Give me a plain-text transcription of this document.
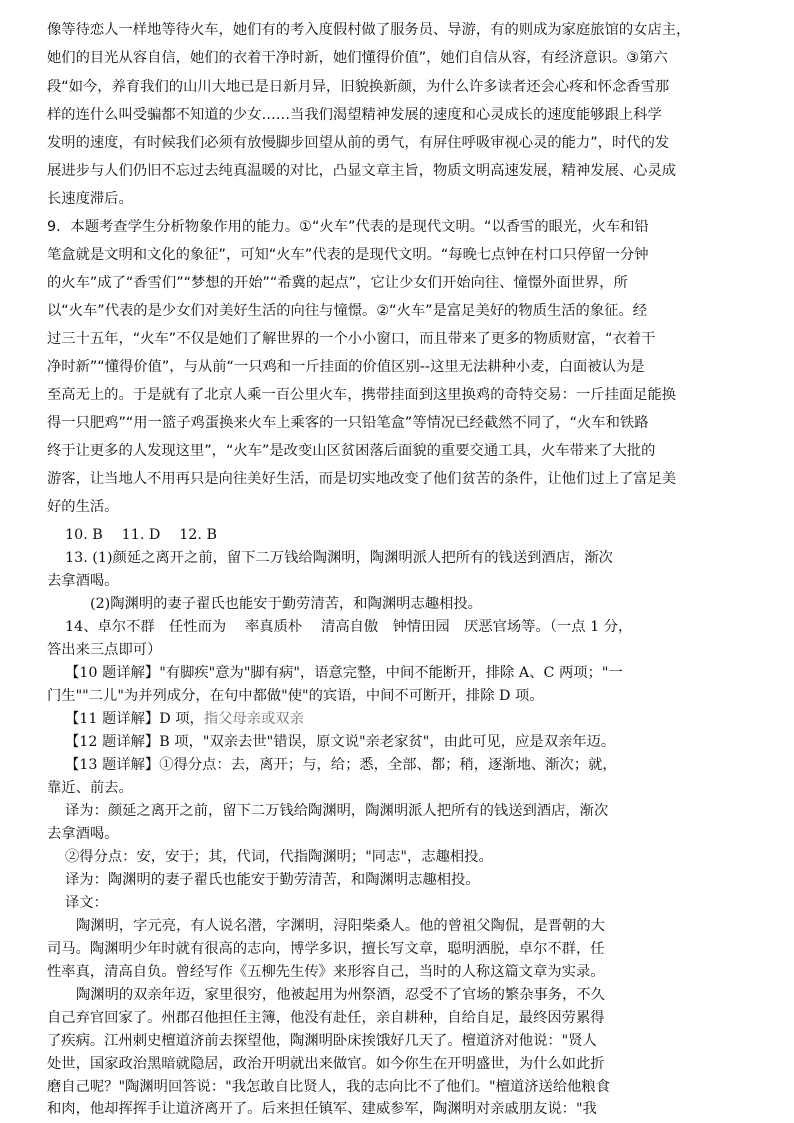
像等待恋人一样地等待火车，她们有的考入度假村做了服务员、导游，有的则成为家庭旅馆的女店主，

她们的目光从容自信，她们的衣着干净时新，她们懂得价值”，她们自信从容，有经济意识。③第六

段“如今，养育我们的山川大地已是日新月异，旧貌换新颜，为什么许多读者还会心疼和怀念香雪那

样的连什么叫受骗都不知道的少女……当我们渴望精神发展的速度和心灵成长的速度能够跟上科学

发明的速度，有时候我们必须有放慢脚步回望从前的勇气，有屏住呼吸审视心灵的能力”，时代的发

展进步与人们仍旧不忘过去纯真温暖的对比，凸显文章主旨，物质文明高速发展，精神发展、心灵成

长速度滞后。

9．本题考查学生分析物象作用的能力。①“火车”代表的是现代文明。“以香雪的眼光，火车和铅

笔盒就是文明和文化的象征”，可知“火车”代表的是现代文明。“每晚七点钟在村口只停留一分钟

的火车”成了“香雪们”“梦想的开始”“希冀的起点”，它让少女们开始向往、憧憬外面世界，所

以“火车”代表的是少女们对美好生活的向往与憧憬。②“火车”是富足美好的物质生活的象征。经

过三十五年，“火车”不仅是她们了解世界的一个小小窗口，而且带来了更多的物质财富，“衣着干

净时新”“懂得价值”，与从前“一只鸡和一斤挂面的价值区别--这里无法耕种小麦，白面被认为是

至高无上的。于是就有了北京人乘一百公里火车，携带挂面到这里换鸡的奇特交易：一斤挂面足能换

得一只肥鸡”“用一篮子鸡蛋换来火车上乘客的一只铅笔盒”等情况已经截然不同了，“火车和铁路

终于让更多的人发现这里”，“火车”是改变山区贫困落后面貌的重要交通工具，火车带来了大批的

游客，让当地人不用再只是向往美好生活，而是切实地改变了他们贫苦的条件，让他们过上了富足美

好的生活。

10. B　 11. D　 12. B

13. (1)颜延之离开之前，留下二万钱给陶渊明，陶渊明派人把所有的钱送到酒店，渐次

去拿酒喝。

(2)陶渊明的妻子翟氏也能安于勤劳清苦，和陶渊明志趣相投。

14、卓尔不群　任性而为　 率真质朴　 清高自傲　钟情田园　厌恶官场等。（一点 1 分，

答出来三点即可）

【10 题详解】"有脚疾"意为"脚有病"，语意完整，中间不能断开，排除 A、C 两项；"一

门生""二儿"为并列成分，在句中都做"使"的宾语，中间不可断开，排除 D 项。

【11 题详解】D 项，指父母亲或双亲

【12 题详解】B 项，"双亲去世"错误，原文说"亲老家贫"，由此可见，应是双亲年迈。

【13 题详解】①得分点：去，离开；与，给；悉，全部、都；稍，逐渐地、渐次；就，

靠近、前去。

译为：颜延之离开之前，留下二万钱给陶渊明，陶渊明派人把所有的钱送到酒店，渐次

去拿酒喝。

②得分点：安，安于；其，代词，代指陶渊明；"同志"，志趣相投。

译为：陶渊明的妻子翟氏也能安于勤劳清苦，和陶渊明志趣相投。

译文：

陶渊明，字元亮，有人说名潜，字渊明，浔阳柴桑人。他的曾祖父陶侃，是晋朝的大

司马。陶渊明少年时就有很高的志向，博学多识，擅长写文章，聪明洒脱，卓尔不群，任

性率真，清高自负。曾经写作《五柳先生传》来形容自己，当时的人称这篇文章为实录。

陶渊明的双亲年迈，家里很穷，他被起用为州祭酒，忍受不了官场的繁杂事务，不久

自己弃官回家了。州郡召他担任主簿，他没有赴任，亲自耕种，自给自足，最终因劳累得

了疾病。江州刺史檀道济前去探望他，陶渊明卧床挨饿好几天了。檀道济对他说："贤人

处世，国家政治黑暗就隐居，政治开明就出来做官。如今你生在开明盛世，为什么如此折

磨自己呢？"陶渊明回答说："我怎敢自比贤人，我的志向比不了他们。"檀道济送给他粮食

和肉，他却挥挥手让道济离开了。后来担任镇军、建威参军，陶渊明对亲戚朋友说："我
